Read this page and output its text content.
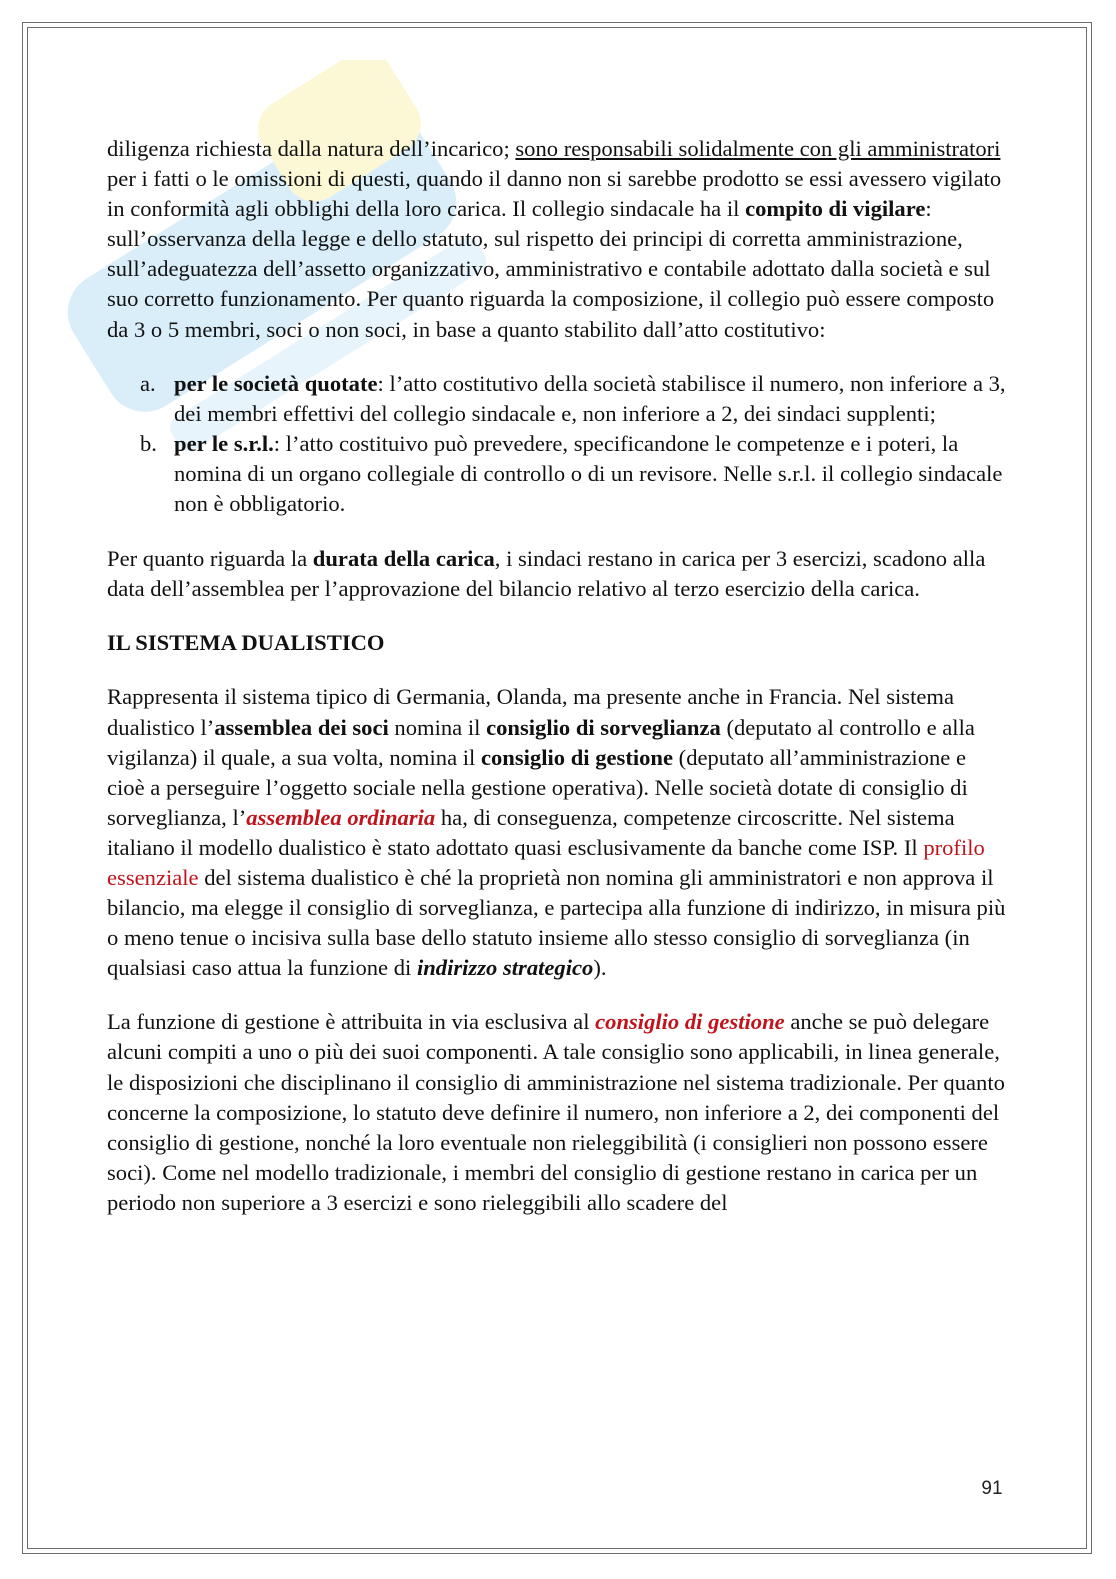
diligenza richiesta dalla natura dell’incarico; sono responsabili solidalmente con gli amministratori per i fatti o le omissioni di questi, quando il danno non si sarebbe prodotto se essi avessero vigilato in conformità agli obblighi della loro carica. Il collegio sindacale ha il compito di vigilare: sull’osservanza della legge e dello statuto, sul rispetto dei principi di corretta amministrazione, sull’adeguatezza dell’assetto organizzativo, amministrativo e contabile adottato dalla società e sul suo corretto funzionamento. Per quanto riguarda la composizione, il collegio può essere composto da 3 o 5 membri, soci o non soci, in base a quanto stabilito dall’atto costitutivo:

a. per le società quotate: l’atto costitutivo della società stabilisce il numero, non inferiore a 3, dei membri effettivi del collegio sindacale e, non inferiore a 2, dei sindaci supplenti;
b. per le s.r.l.: l’atto costituivo può prevedere, specificandone le competenze e i poteri, la nomina di un organo collegiale di controllo o di un revisore. Nelle s.r.l. il collegio sindacale non è obbligatorio.

Per quanto riguarda la durata della carica, i sindaci restano in carica per 3 esercizi, scadono alla data dell’assemblea per l’approvazione del bilancio relativo al terzo esercizio della carica.

IL SISTEMA DUALISTICO

Rappresenta il sistema tipico di Germania, Olanda, ma presente anche in Francia. Nel sistema dualistico l’assemblea dei soci nomina il consiglio di sorveglianza (deputato al controllo e alla vigilanza) il quale, a sua volta, nomina il consiglio di gestione (deputato all’amministrazione e cioè a perseguire l’oggetto sociale nella gestione operativa). Nelle società dotate di consiglio di sorveglianza, l’assemblea ordinaria ha, di conseguenza, competenze circoscritte. Nel sistema italiano il modello dualistico è stato adottato quasi esclusivamente da banche come ISP. Il profilo essenziale del sistema dualistico è ché la proprietà non nomina gli amministratori e non approva il bilancio, ma elegge il consiglio di sorveglianza, e partecipa alla funzione di indirizzo, in misura più o meno tenue o incisiva sulla base dello statuto insieme allo stesso consiglio di sorveglianza (in qualsiasi caso attua la funzione di indirizzo strategico).

La funzione di gestione è attribuita in via esclusiva al consiglio di gestione anche se può delegare alcuni compiti a uno o più dei suoi componenti. A tale consiglio sono applicabili, in linea generale, le disposizioni che disciplinano il consiglio di amministrazione nel sistema tradizionale. Per quanto concerne la composizione, lo statuto deve definire il numero, non inferiore a 2, dei componenti del consiglio di gestione, nonché la loro eventuale non rieleggibilità (i consiglieri non possono essere soci). Come nel modello tradizionale, i membri del consiglio di gestione restano in carica per un periodo non superiore a 3 esercizi e sono rieleggibili allo scadere del

91
